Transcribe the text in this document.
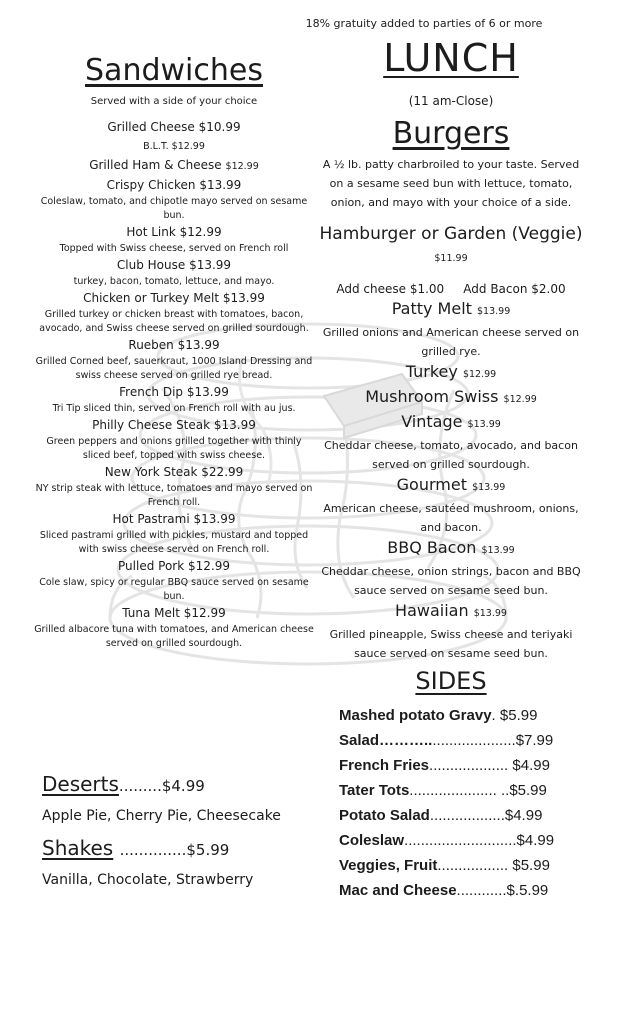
18% gratuity added to parties of 6 or more
Sandwiches
Served with a side of your choice
Grilled Cheese $10.99
B.L.T. $12.99
Grilled Ham & Cheese $12.99
Crispy Chicken $13.99
Coleslaw, tomato, and chipotle mayo served on sesame bun.
Hot Link $12.99
Topped with Swiss cheese, served on French roll
Club House $13.99
turkey, bacon, tomato, lettuce, and mayo.
Chicken or Turkey Melt $13.99
Grilled turkey or chicken breast with tomatoes, bacon, avocado, and Swiss cheese served on grilled sourdough.
Rueben $13.99
Grilled Corned beef, sauerkraut, 1000 Island Dressing and swiss cheese served on grilled rye bread.
French Dip $13.99
Tri Tip sliced thin, served on French roll with au jus.
Philly Cheese Steak $13.99
Green peppers and onions grilled together with thinly sliced beef, topped with swiss cheese.
New York Steak $22.99
NY strip steak with lettuce, tomatoes and mayo served on French roll.
Hot Pastrami $13.99
Sliced pastrami grilled with pickles, mustard and topped with swiss cheese served on French roll.
Pulled Pork $12.99
Cole slaw, spicy or regular BBQ sauce served on sesame bun.
Tuna Melt $12.99
Grilled albacore tuna with tomatoes, and American cheese served on grilled sourdough.
Deserts.........$4.99
Apple Pie, Cherry Pie, Cheesecake
Shakes ..............$5.99
Vanilla, Chocolate, Strawberry
LUNCH
(11 am-Close)
Burgers
A ½ lb. patty charbroiled to your taste. Served on a sesame seed bun with lettuce, tomato, onion, and mayo with your choice of a side.
Hamburger or Garden (Veggie) $11.99
Add cheese $1.00     Add Bacon $2.00
Patty Melt $13.99
Grilled onions and American cheese served on grilled rye.
Turkey $12.99
Mushroom Swiss $12.99
Vintage $13.99
Cheddar cheese, tomato, avocado, and bacon served on grilled sourdough.
Gourmet $13.99
American cheese, sautéed mushroom, onions, and bacon.
BBQ Bacon $13.99
Cheddar cheese, onion strings, bacon and BBQ sauce served on sesame seed bun.
Hawaiian $13.99
Grilled pineapple, Swiss cheese and teriyaki sauce served on sesame seed bun.
SIDES
Mashed potato Gravy. $5.99
Salad………......................$7.99
French Fries................... $4.99
Tater Tots..................... ..$5.99
Potato Salad..................$4.99
Coleslaw...........................$4.99
Veggies, Fruit................. $5.99
Mac and Cheese............$.5.99
